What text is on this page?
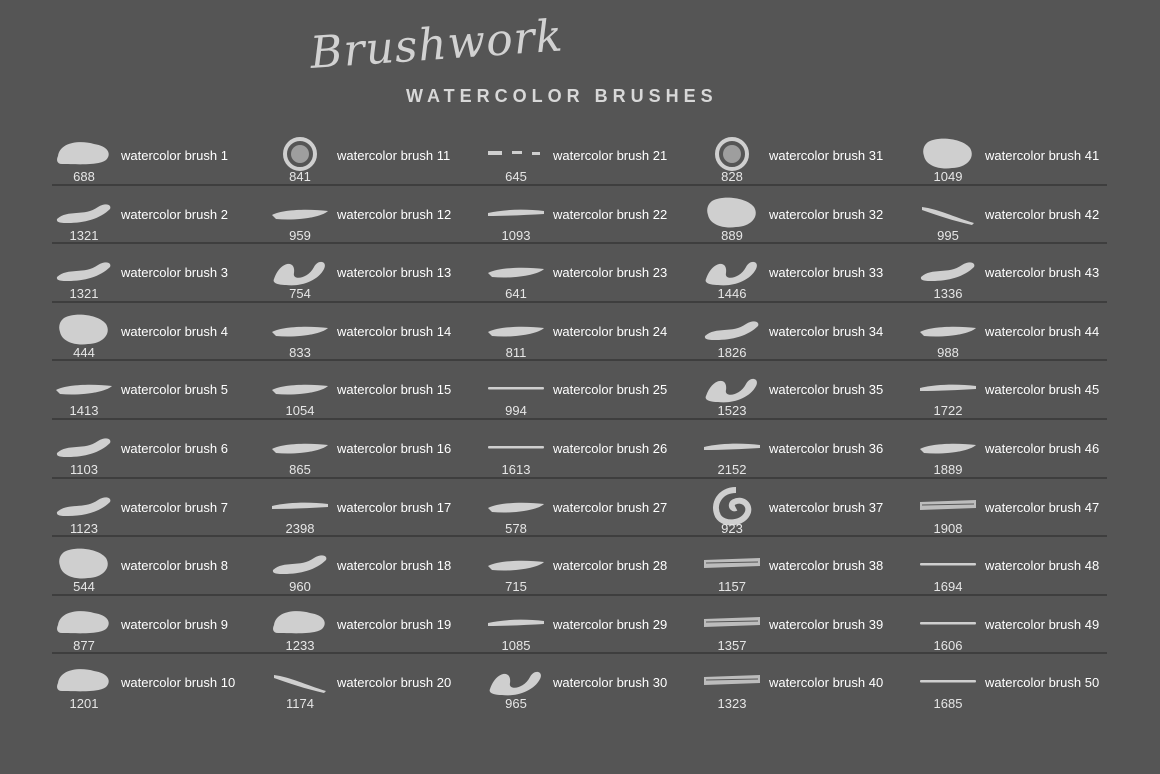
Brushwork
WATERCOLOR BRUSHES
688
watercolor brush 1
1321
watercolor brush 2
1321
watercolor brush 3
444
watercolor brush 4
1413
watercolor brush 5
1103
watercolor brush 6
1123
watercolor brush 7
544
watercolor brush 8
877
watercolor brush 9
1201
watercolor brush 10
841
watercolor brush 11
959
watercolor brush 12
754
watercolor brush 13
833
watercolor brush 14
1054
watercolor brush 15
865
watercolor brush 16
2398
watercolor brush 17
960
watercolor brush 18
1233
watercolor brush 19
1174
watercolor brush 20
645
watercolor brush 21
1093
watercolor brush 22
641
watercolor brush 23
811
watercolor brush 24
994
watercolor brush 25
1613
watercolor brush 26
578
watercolor brush 27
715
watercolor brush 28
1085
watercolor brush 29
965
watercolor brush 30
828
watercolor brush 31
889
watercolor brush 32
1446
watercolor brush 33
1826
watercolor brush 34
1523
watercolor brush 35
2152
watercolor brush 36
923
watercolor brush 37
1157
watercolor brush 38
1357
watercolor brush 39
1323
watercolor brush 40
1049
watercolor brush 41
995
watercolor brush 42
1336
watercolor brush 43
988
watercolor brush 44
1722
watercolor brush 45
1889
watercolor brush 46
1908
watercolor brush 47
1694
watercolor brush 48
1606
watercolor brush 49
1685
watercolor brush 50
